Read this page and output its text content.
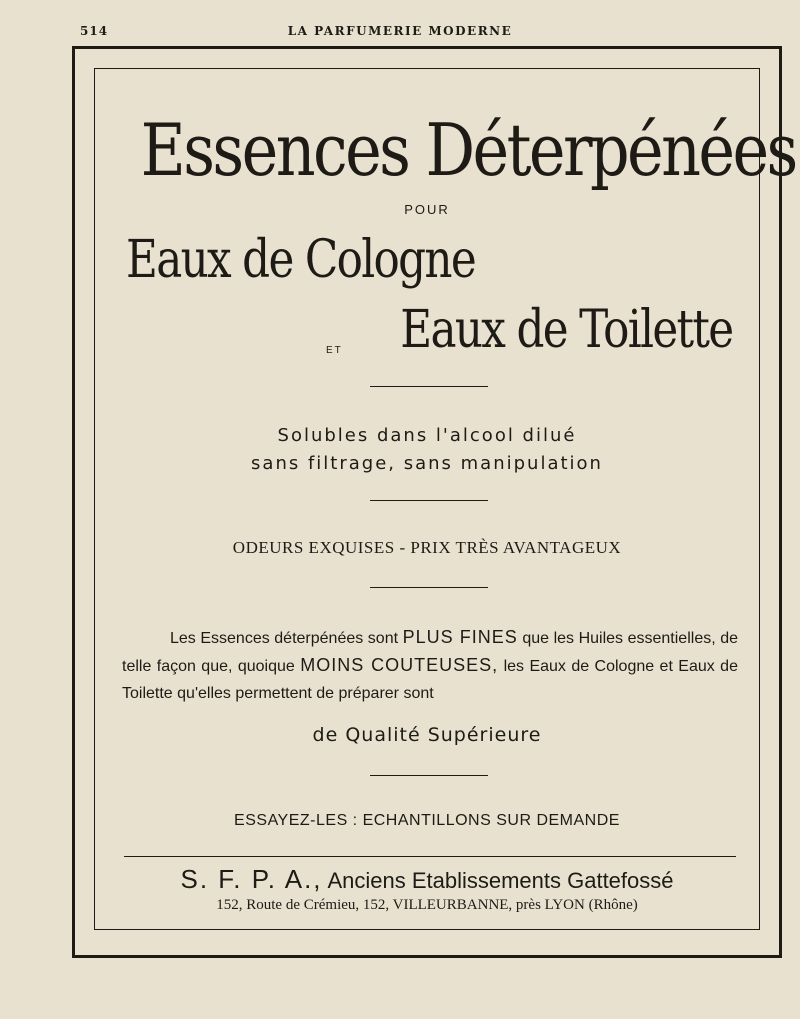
514	LA PARFUMERIE MODERNE
Essences Déterpénées
POUR
Eaux de Cologne
ET Eaux de Toilette
Solubles dans l'alcool dilué
sans filtrage, sans manipulation
ODEURS EXQUISES - PRIX TRÈS AVANTAGEUX
Les Essences déterpénées sont PLUS FINES que les Huiles essentielles, de telle façon que, quoique MOINS COUTEUSES, les Eaux de Cologne et Eaux de Toilette qu'elles permettent de préparer sont
de Qualité Supérieure
ESSAYEZ-LES : ECHANTILLONS SUR DEMANDE
S. F. P. A., Anciens Etablissements Gattefossé
152, Route de Crémieu, 152, VILLEURBANNE, près LYON (Rhône)
